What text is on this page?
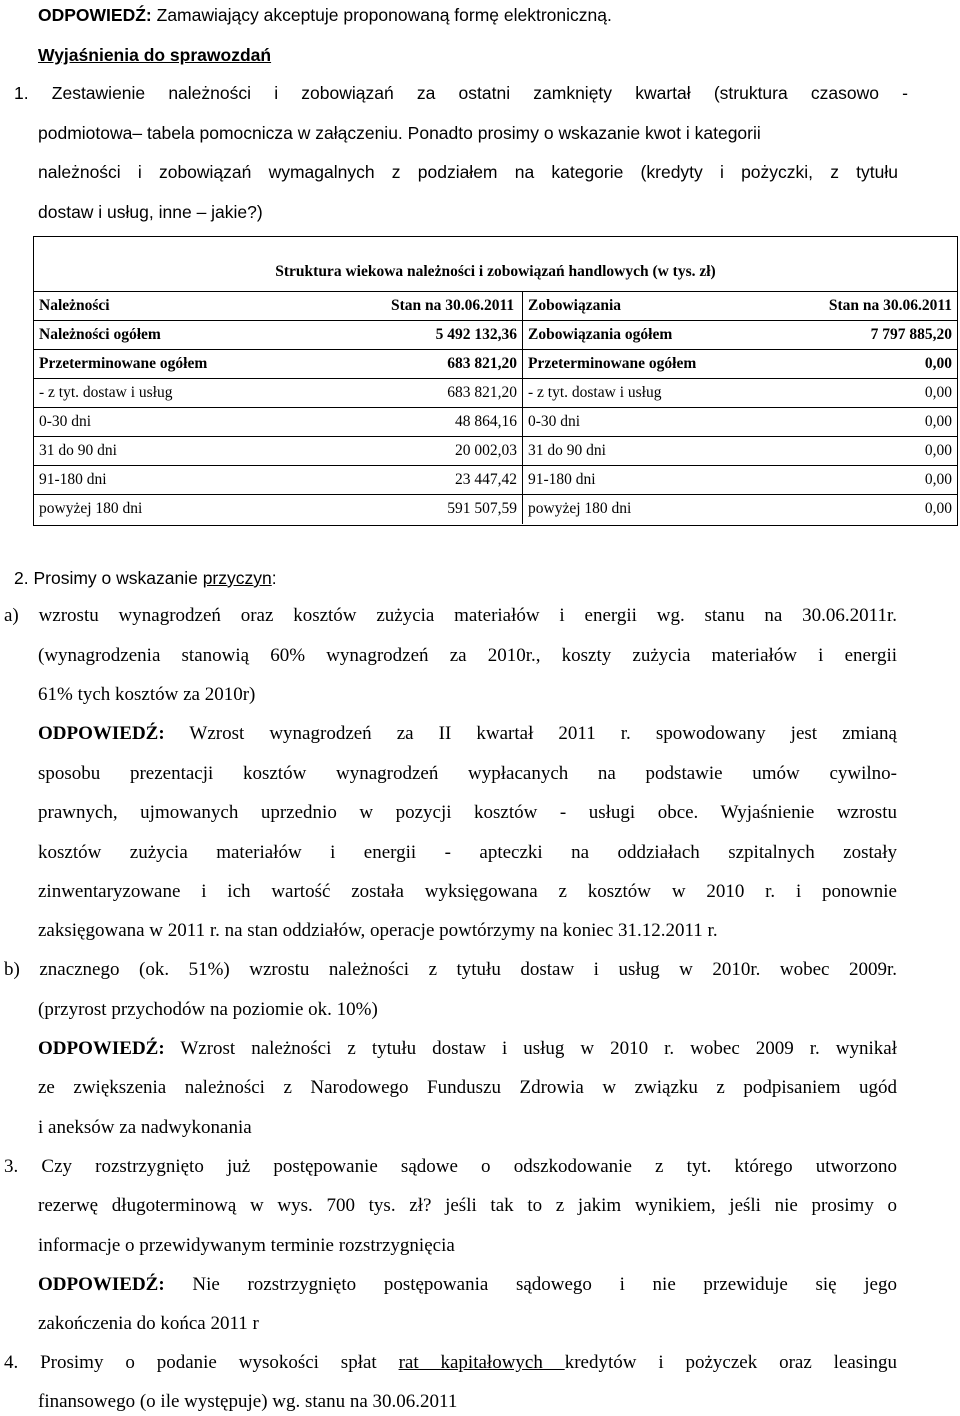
ODPOWIEDŹ: Zamawiający akceptuje proponowaną formę elektroniczną.
Wyjaśnienia do sprawozdań
1. Zestawienie należności i zobowiązań za ostatni zamknięty kwartał (struktura czasowo -
podmiotowa– tabela pomocnicza w załączeniu. Ponadto prosimy o wskazanie kwot i kategorii
należności i zobowiązań wymagalnych z podziałem na kategorie (kredyty i pożyczki, z tytułu
dostaw i usług, inne – jakie?)
Struktura wiekowa należności i zobowiązań handlowych (w tys. zł)
Należności	Stan na 30.06.2011 Zobowiązania	Stan na 30.06.2011
Należności ogółem	5 492 132,36 Zobowiązania ogółem	7 797 885,20
Przeterminowane ogółem	683 821,20 Przeterminowane ogółem	0,00
- z tyt. dostaw i usług	683 821,20 - z tyt. dostaw i usług	0,00
0-30 dni	48 864,16 0-30 dni	0,00
31 do 90 dni	20 002,03 31 do 90 dni	0,00
91-180 dni	23 447,42 91-180 dni	0,00
powyżej 180 dni	591 507,59 powyżej 180 dni	0,00
2. Prosimy o wskazanie przyczyn:
a) wzrostu wynagrodzeń oraz kosztów zużycia materiałów i energii wg. stanu na 30.06.2011r.
(wynagrodzenia stanowią 60% wynagrodzeń za 2010r., koszty zużycia materiałów i energii
61% tych kosztów za 2010r)
ODPOWIEDŹ: Wzrost wynagrodzeń za II kwartał 2011 r. spowodowany jest zmianą
sposobu prezentacji kosztów wynagrodzeń wypłacanych na podstawie umów cywilno-
prawnych, ujmowanych uprzednio w pozycji kosztów - usługi obce. Wyjaśnienie wzrostu
kosztów zużycia materiałów i energii - apteczki na oddziałach szpitalnych zostały
zinwentaryzowane i ich wartość została wyksięgowana z kosztów w 2010 r. i ponownie
zaksięgowana w 2011 r. na stan oddziałów, operacje powtórzymy na koniec 31.12.2011 r.
b) znacznego (ok. 51%) wzrostu należności z tytułu dostaw i usług w 2010r. wobec 2009r.
(przyrost przychodów na poziomie ok. 10%)
ODPOWIEDŹ: Wzrost należności z tytułu dostaw i usług w 2010 r. wobec 2009 r. wynikał
ze zwiększenia należności z Narodowego Funduszu Zdrowia w związku z podpisaniem ugód
i aneksów za nadwykonania
3. Czy rozstrzygnięto już postępowanie sądowe o odszkodowanie z tyt. którego utworzono
rezerwę długoterminową w wys. 700 tys. zł? jeśli tak to z jakim wynikiem, jeśli nie prosimy o
informacje o przewidywanym terminie rozstrzygnięcia
ODPOWIEDŹ: Nie rozstrzygnięto postępowania sądowego i nie przewiduje się jego
zakończenia do końca 2011 r
4. Prosimy o podanie wysokości spłat rat kapitałowych kredytów i pożyczek oraz leasingu
finansowego (o ile występuje) wg. stanu na 30.06.2011
